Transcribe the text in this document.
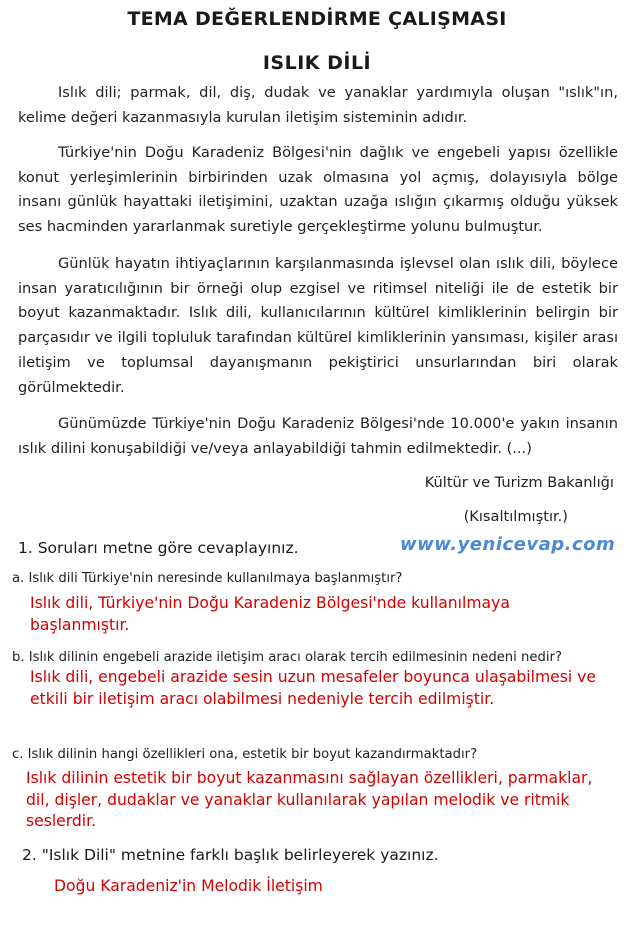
TEMA DEĞERLENDİRME ÇALIŞMASI
ISLIK DİLİ

Islık dili; parmak, dil, diş, dudak ve yanaklar yardımıyla oluşan "ıslık"ın, kelime değeri kazanmasıyla kurulan iletişim sisteminin adıdır.

Türkiye'nin Doğu Karadeniz Bölgesi'nin dağlık ve engebeli yapısı özellikle konut yerleşimlerinin birbirinden uzak olmasına yol açmış, dolayısıyla bölge insanı günlük hayattaki iletişimini, uzaktan uzağa ıslığın çıkarmış olduğu yüksek ses hacminden yararlanmak suretiyle gerçekleştirme yolunu bulmuştur.

Günlük hayatın ihtiyaçlarının karşılanmasında işlevsel olan ıslık dili, böylece insan yaratıcılığının bir örneği olup ezgisel ve ritimsel niteliği ile de estetik bir boyut kazanmaktadır. Islık dili, kullanıcılarının kültürel kimliklerinin belirgin bir parçasıdır ve ilgili topluluk tarafından kültürel kimliklerinin yansıması, kişiler arası iletişim ve toplumsal dayanışmanın pekiştirici unsurlarından biri olarak görülmektedir.

Günümüzde Türkiye'nin Doğu Karadeniz Bölgesi'nde 10.000'e yakın insanın ıslık dilini konuşabildiği ve/veya anlayabildiği tahmin edilmektedir. (...)

Kültür ve Turizm Bakanlığı
(Kısaltılmıştır.)
1. Soruları metne göre cevaplayınız.	www.yenicevap.com
a. Islık dili Türkiye'nin neresinde kullanılmaya başlanmıştır?
Islık dili, Türkiye'nin Doğu Karadeniz Bölgesi'nde kullanılmaya başlanmıştır.
b. Islık dilinin engebeli arazide iletişim aracı olarak tercih edilmesinin nedeni nedir?
Islık dili, engebeli arazide sesin uzun mesafeler boyunca ulaşabilmesi ve etkili bir iletişim aracı olabilmesi nedeniyle tercih edilmiştir.
c. Islık dilinin hangi özellikleri ona, estetik bir boyut kazandırmaktadır?
Islık dilinin estetik bir boyut kazanmasını sağlayan özellikleri, parmaklar, dil, dişler, dudaklar ve yanaklar kullanılarak yapılan melodik ve ritmik seslerdir.
2. "Islık Dili" metnine farklı başlık belirleyerek yazınız.
Doğu Karadeniz'in Melodik İletişim
